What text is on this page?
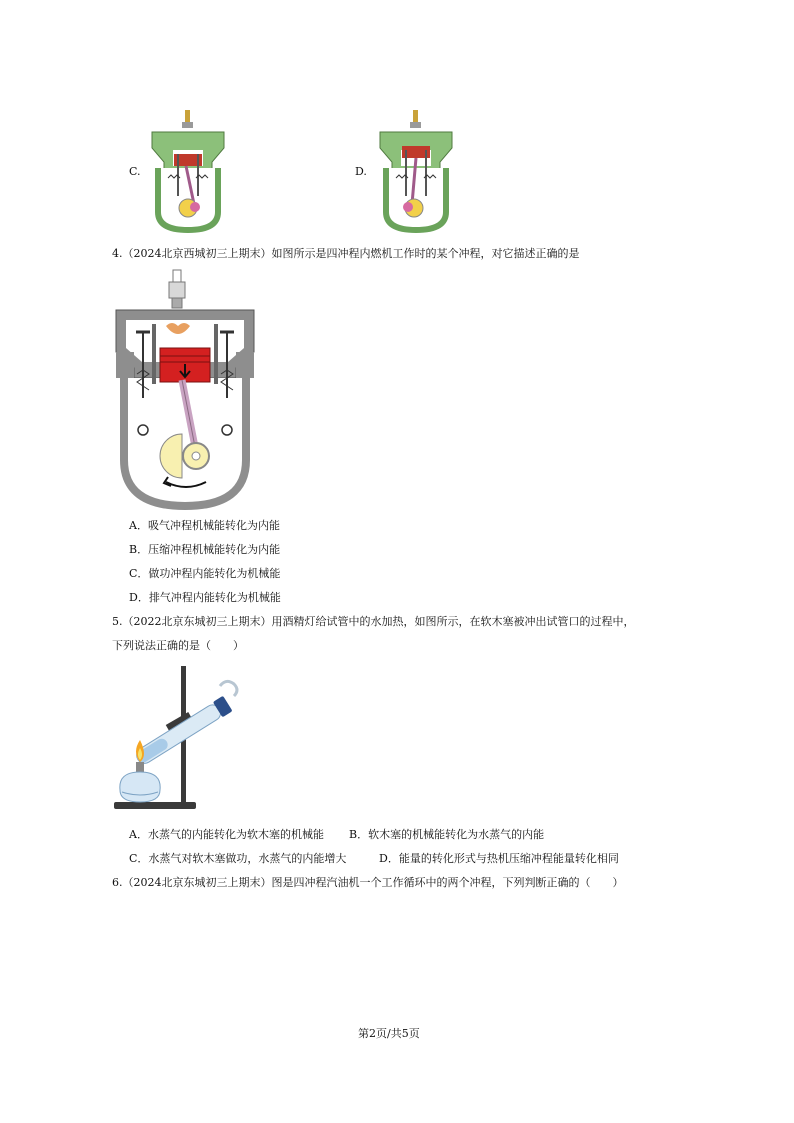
C.	D.
4.（2024北京西城初三上期末）如图所示是四冲程内燃机工作时的某个冲程，对它描述正确的是
A．吸气冲程机械能转化为内能
B．压缩冲程机械能转化为内能
C．做功冲程内能转化为机械能
D．排气冲程内能转化为机械能
5.（2022北京东城初三上期末）用酒精灯给试管中的水加热，如图所示，在软木塞被冲出试管口的过程中，
下列说法正确的是（　　）
A．水蒸气的内能转化为软木塞的机械能 B．软木塞的机械能转化为水蒸气的内能
C．水蒸气对软木塞做功，水蒸气的内能增大	D．能量的转化形式与热机压缩冲程能量转化相同
6.（2024北京东城初三上期末）图是四冲程汽油机一个工作循环中的两个冲程，下列判断正确的（　　）
第2页/共5页
